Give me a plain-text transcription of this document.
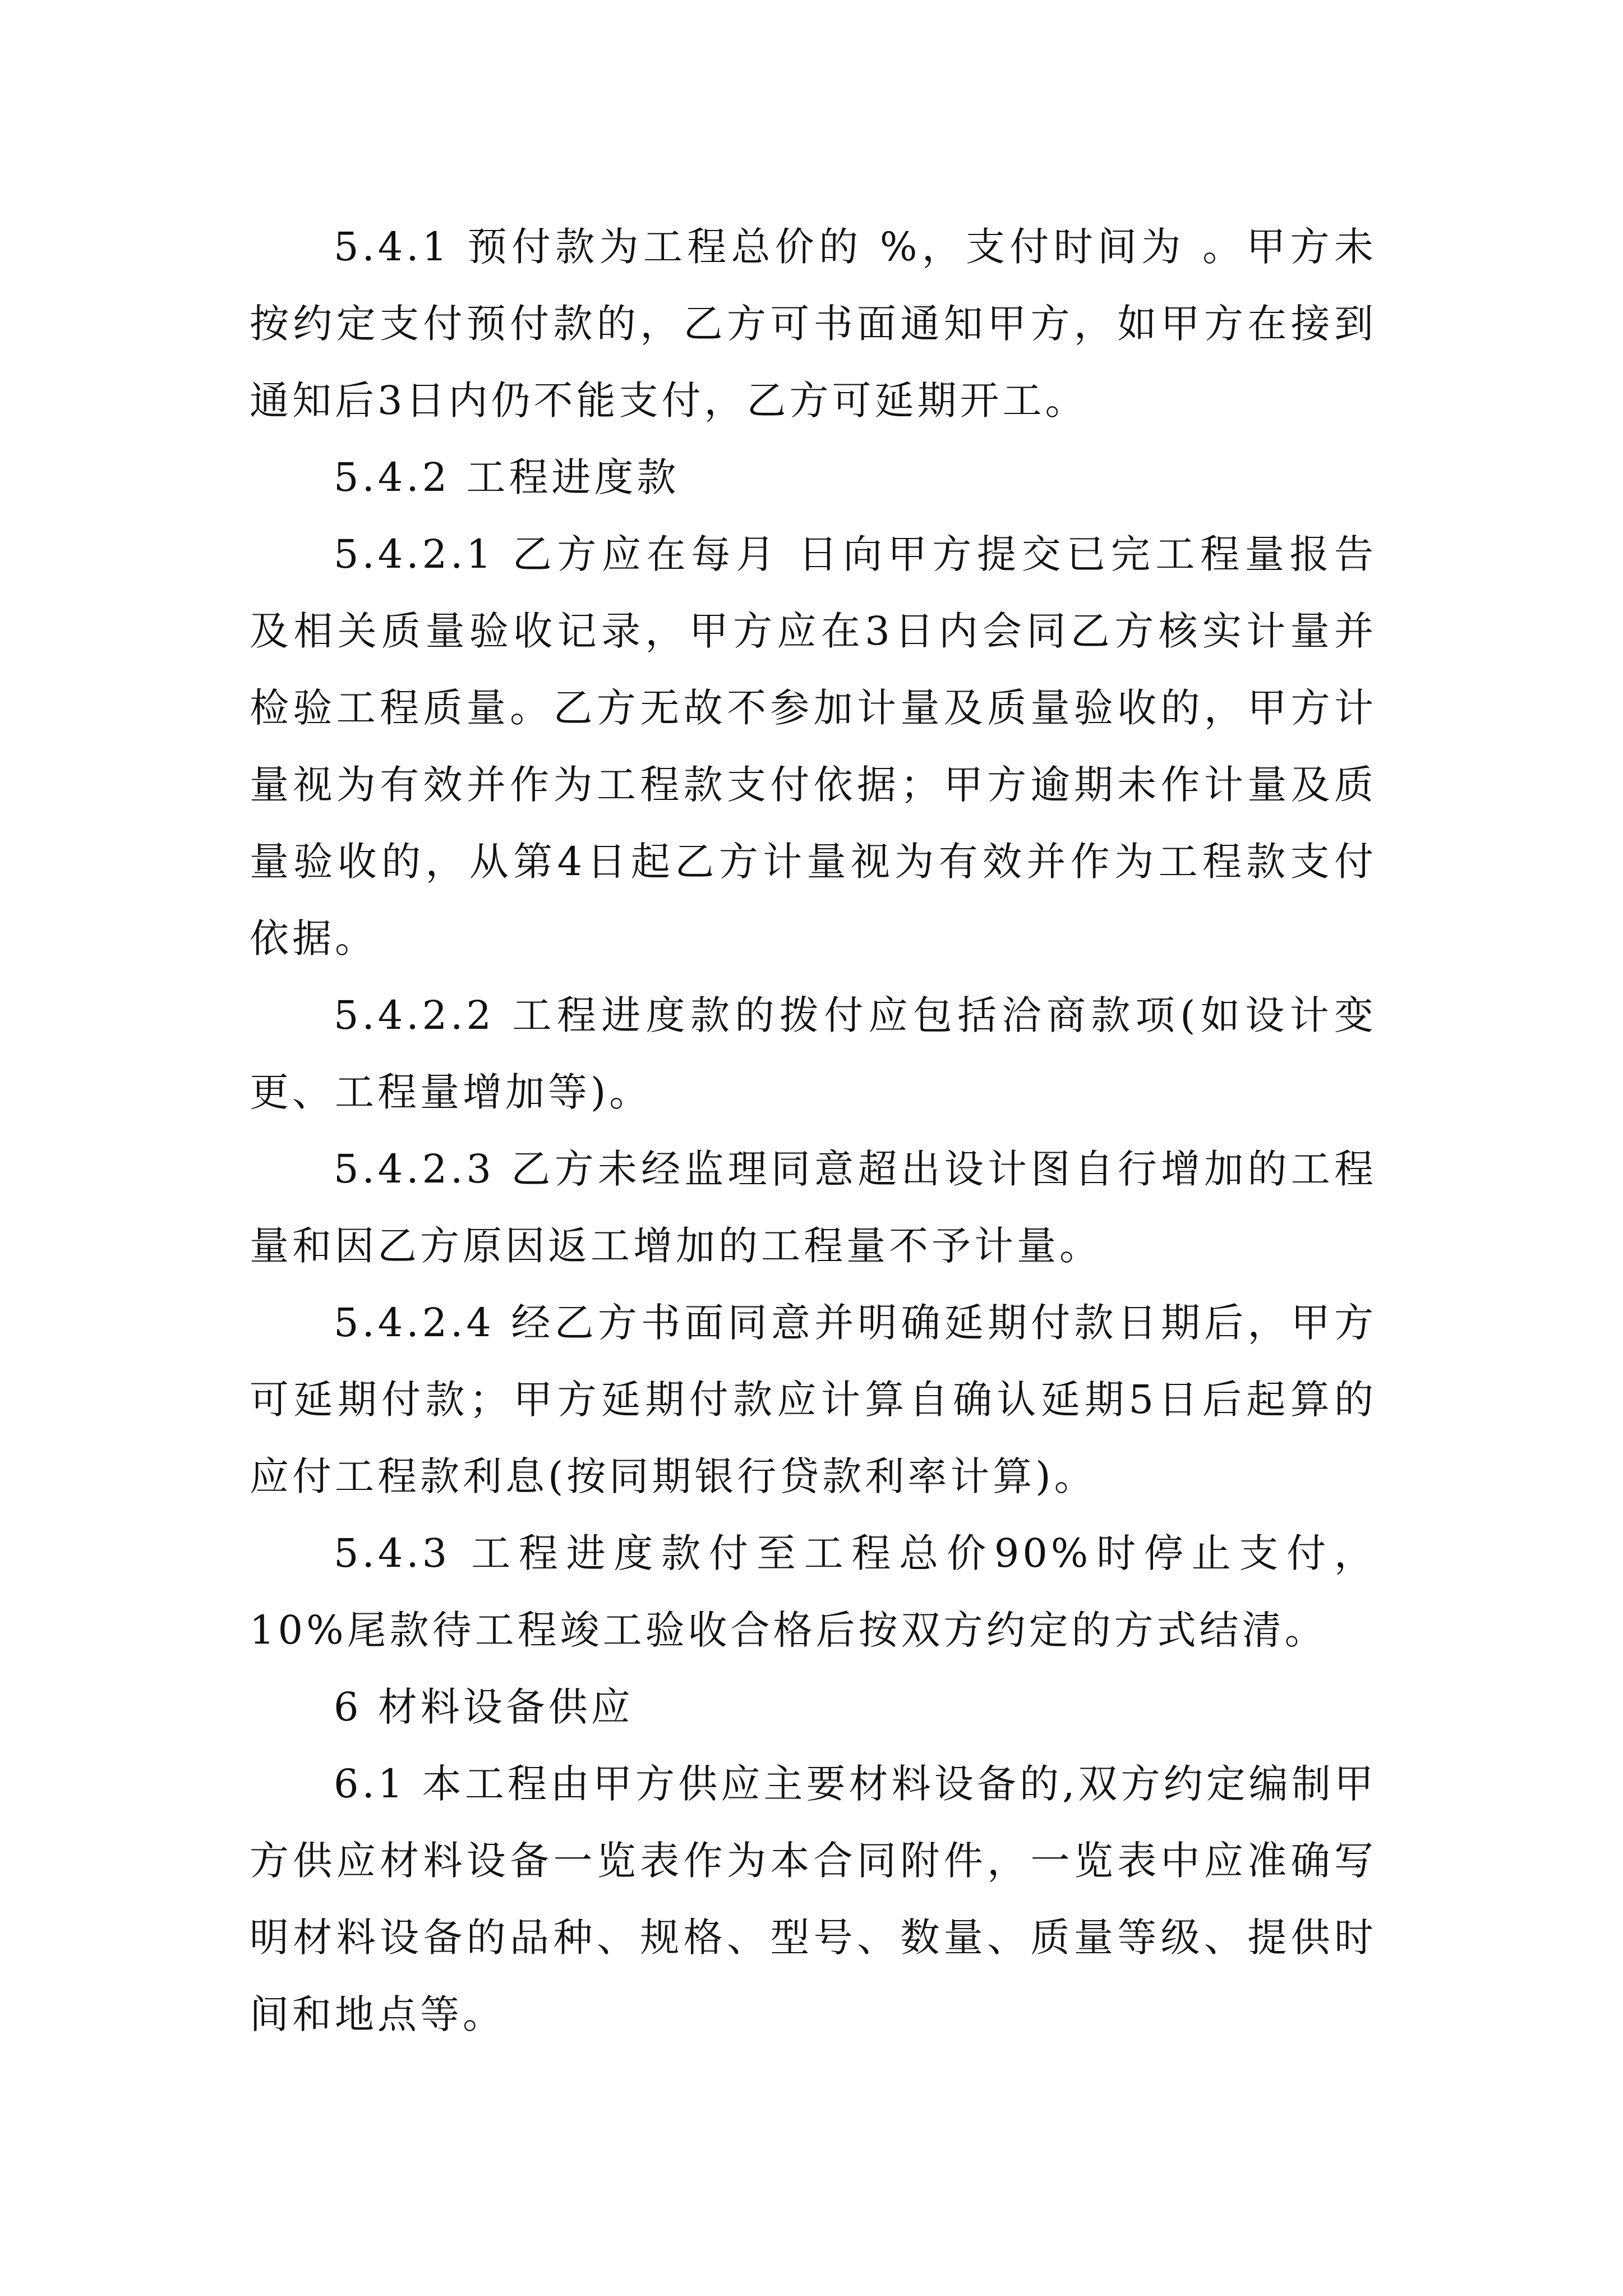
5.4.1 预付款为工程总价的 %，支付时间为 。甲方未按约定支付预付款的，乙方可书面通知甲方，如甲方在接到通知后3日内仍不能支付，乙方可延期开工。

5.4.2 工程进度款

5.4.2.1 乙方应在每月 日向甲方提交已完工程量报告及相关质量验收记录，甲方应在3日内会同乙方核实计量并检验工程质量。乙方无故不参加计量及质量验收的，甲方计量视为有效并作为工程款支付依据；甲方逾期未作计量及质量验收的，从第4日起乙方计量视为有效并作为工程款支付依据。

5.4.2.2 工程进度款的拨付应包括洽商款项(如设计变更、工程量增加等)。

5.4.2.3 乙方未经监理同意超出设计图自行增加的工程量和因乙方原因返工增加的工程量不予计量。

5.4.2.4 经乙方书面同意并明确延期付款日期后，甲方可延期付款；甲方延期付款应计算自确认延期5日后起算的应付工程款利息(按同期银行贷款利率计算)。

5.4.3 工程进度款付至工程总价90%时停止支付，10%尾款待工程竣工验收合格后按双方约定的方式结清。

6 材料设备供应

6.1 本工程由甲方供应主要材料设备的,双方约定编制甲方供应材料设备一览表作为本合同附件，一览表中应准确写明材料设备的品种、规格、型号、数量、质量等级、提供时间和地点等。
